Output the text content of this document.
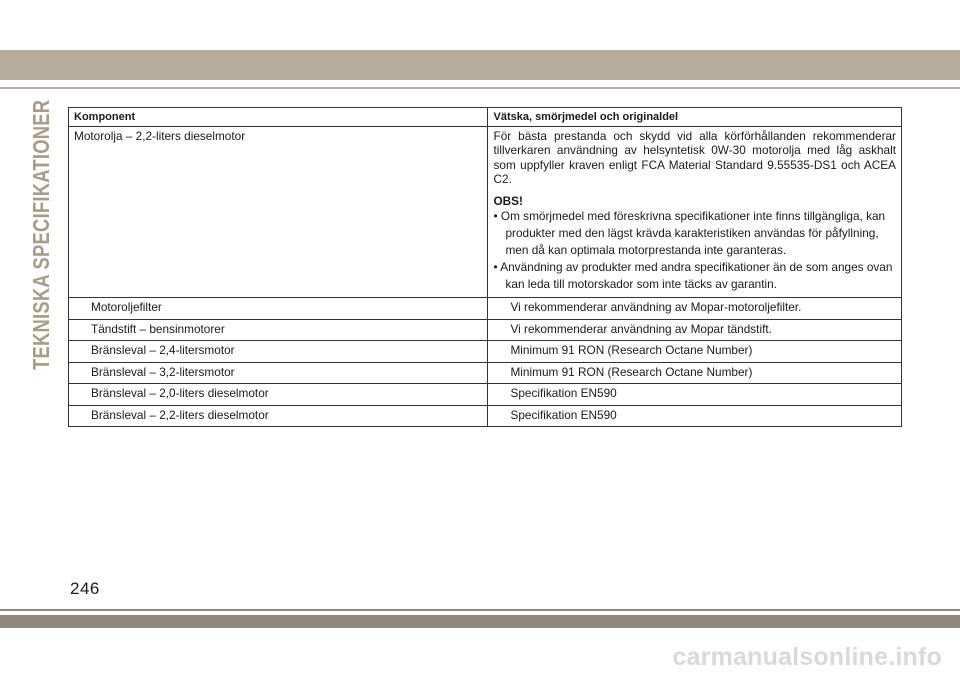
TEKNISKA SPECIFIKATIONER Komponent	Vätska, smörjmedel och originaldel
Motorolja – 2,2-liters dieselmotor	För bästa prestanda och skydd vid alla körförhållanden rekommenderar tillverkaren användning av helsyntetisk 0W-30 motorolja med låg askhalt som uppfyller kraven enligt FCA Material Standard 9.55535-DS1 och ACEA C2.
OBS!
• Om smörjmedel med föreskrivna specifikationer inte finns tillgängliga, kan produkter med den lägst krävda karakteristiken användas för påfyllning, men då kan optimala motorprestanda inte garanteras.
• Användning av produkter med andra specifikationer än de som anges ovan kan leda till motorskador som inte täcks av garantin.

Motoroljefilter	Vi rekommenderar användning av Mopar-motoroljefilter.
Tändstift – bensinmotorer	Vi rekommenderar användning av Mopar tändstift.
Bränsleval – 2,4-litersmotor	Minimum 91 RON (Research Octane Number)
Bränsleval – 3,2-litersmotor	Minimum 91 RON (Research Octane Number)
Bränsleval – 2,0-liters dieselmotor	Specifikation EN590
Bränsleval – 2,2-liters dieselmotor	Specifikation EN590
246
carmanualsonline.info
